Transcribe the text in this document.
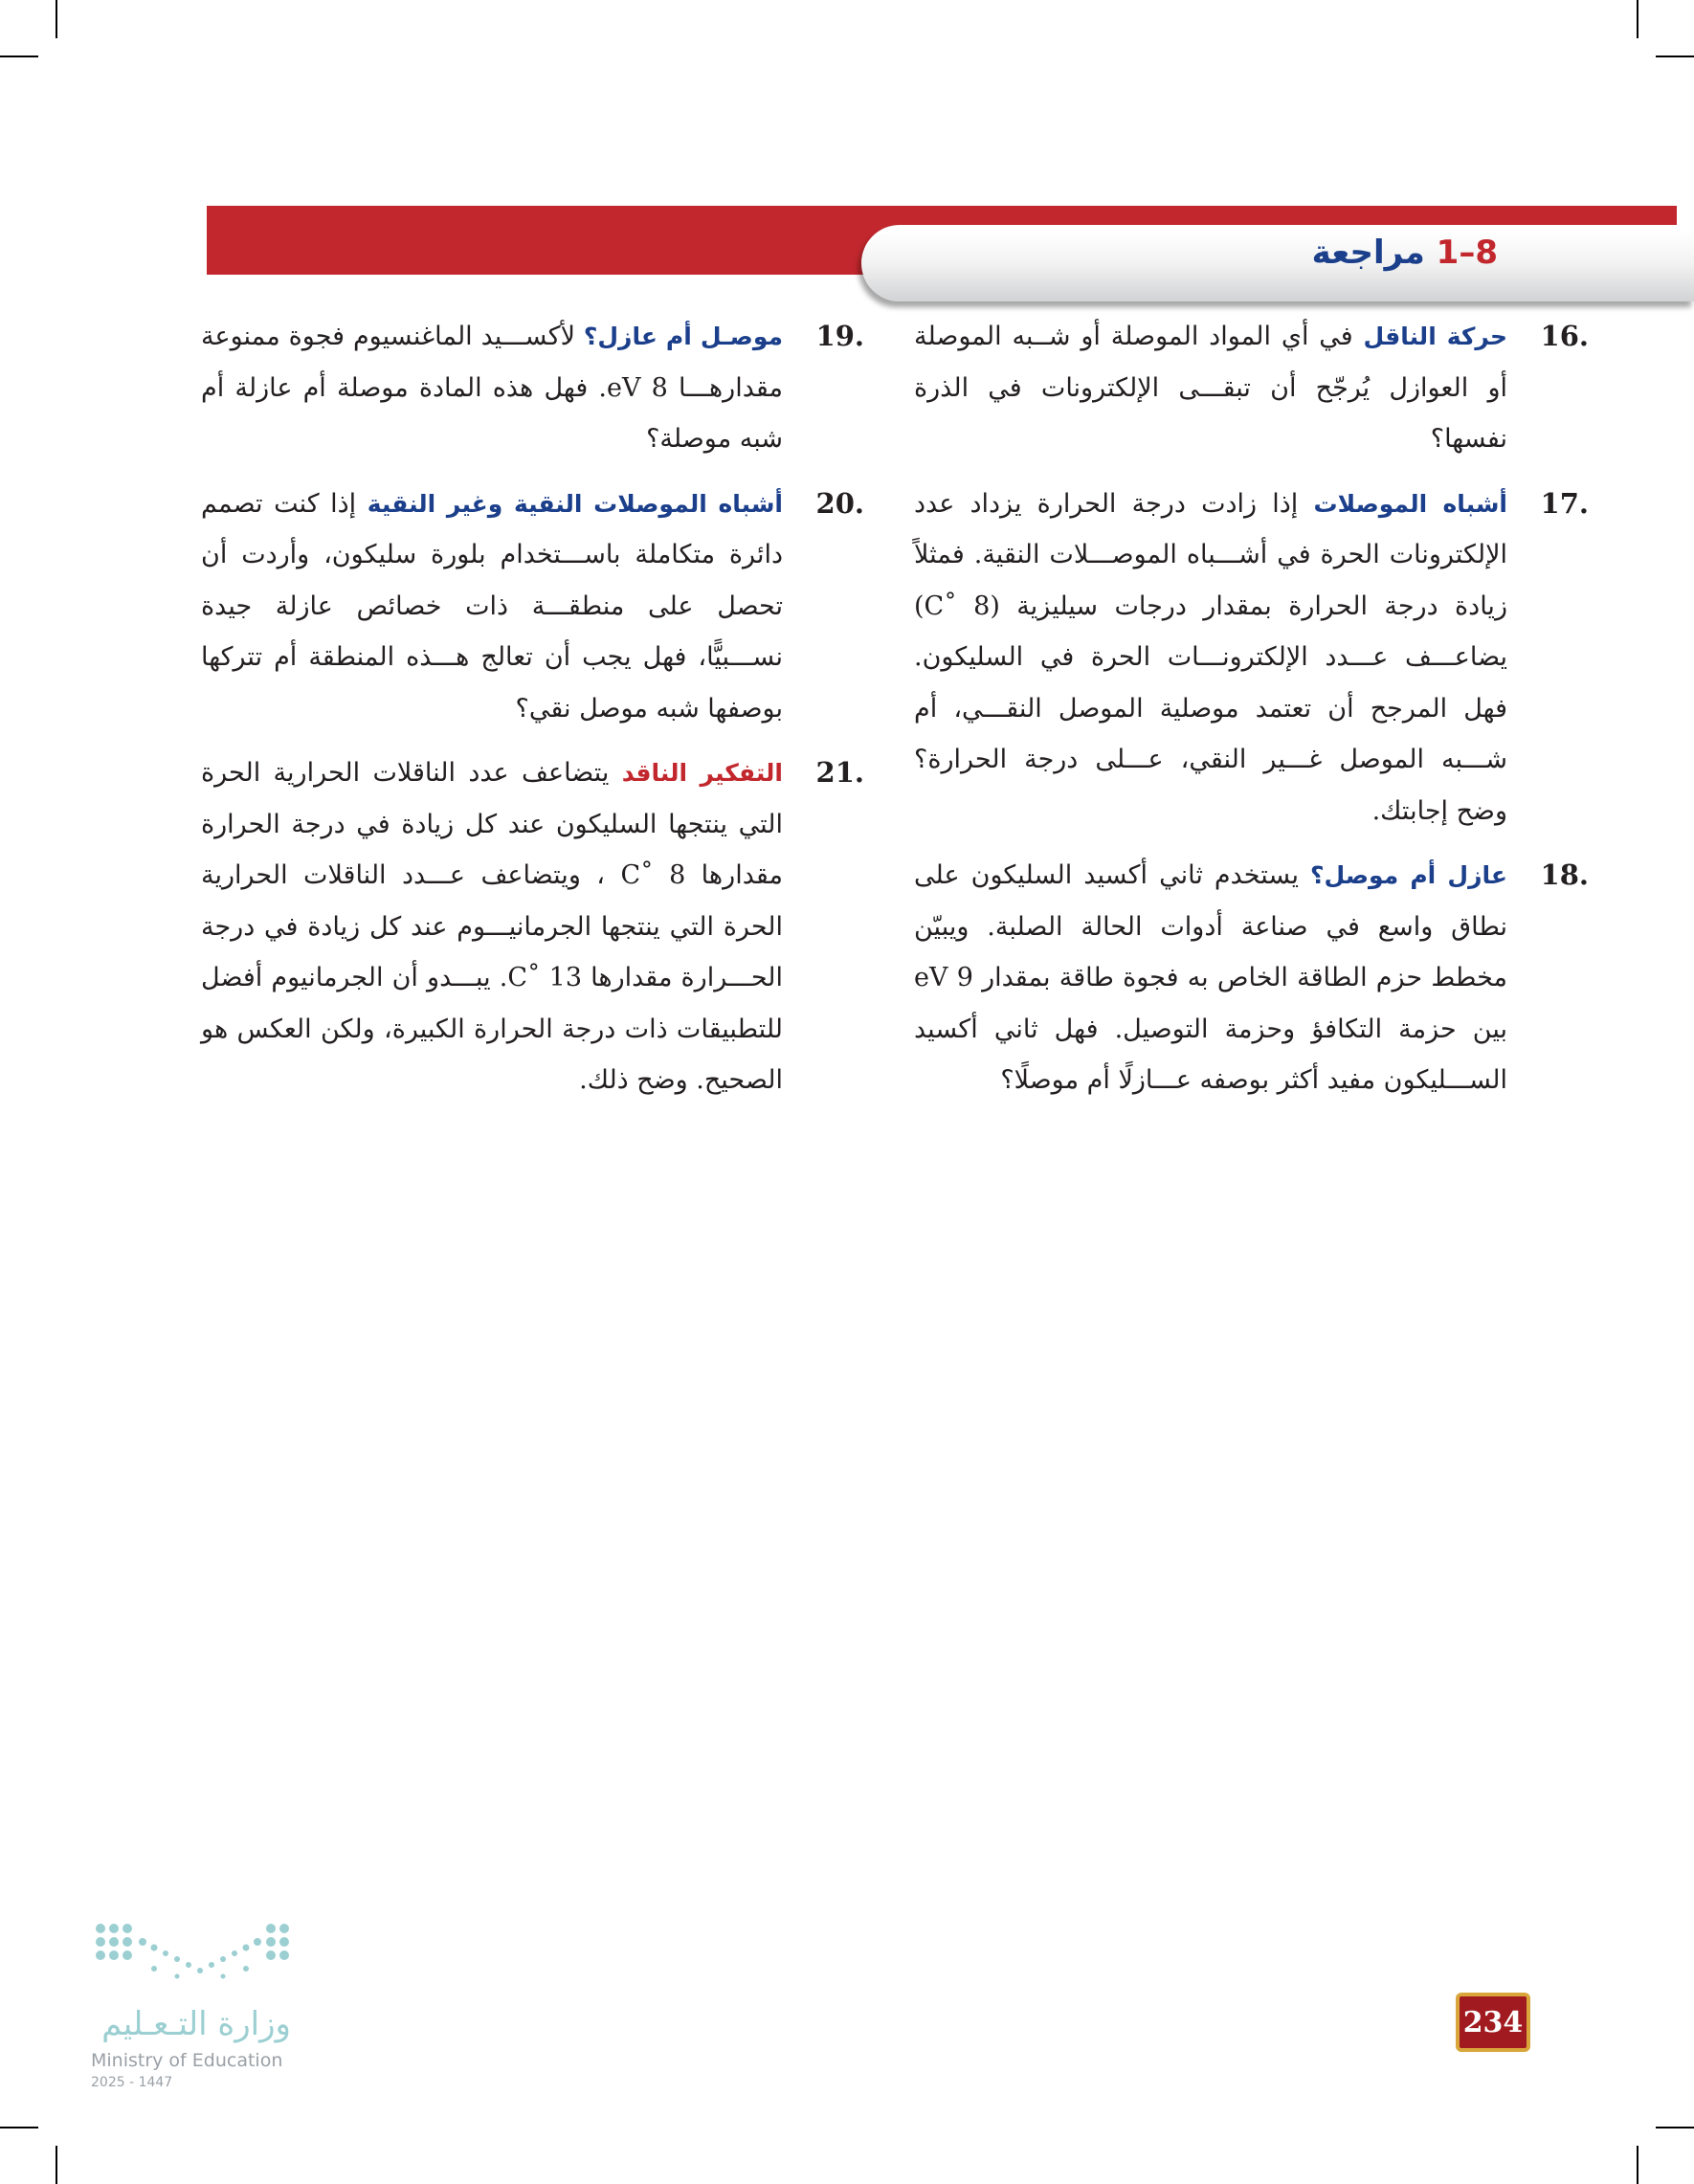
1–8 مراجعة
16.

حركة الناقل في أي المواد الموصلة أو شــبه الموصلة أو العوازل يُرجّح أن تبقـــى الإلكترونات في الذرة نفسها؟

17.

أشباه الموصلات إذا زادت درجة الحرارة يزداد عدد الإلكترونات الحرة في أشـــباه الموصـــلات النقية. فمثلاً زيادة درجة الحرارة بمقدار درجات سيليزية (8 ˚C) يضاعـــف عـــدد الإلكترونـــات الحرة في السليكون. فهل المرجح أن تعتمد موصلية الموصل النقـــي، أم شـــبه الموصل غـــير النقي، عـــلى درجة الحرارة؟ وضح إجابتك.

18.

عازل أم موصل؟ يستخدم ثاني أكسيد السليكون على نطاق واسع في صناعة أدوات الحالة الصلبة. ويبيّن مخطط حزم الطاقة الخاص به فجوة طاقة بمقدار 9 eV بين حزمة التكافؤ وحزمة التوصيل. فهل ثاني أكسيد الســـليكون مفيد أكثر بوصفه عـــازلًا أم موصلًا؟

19.

موصـل أم عازل؟ لأكســـيد الماغنسيوم فجوة ممنوعة مقدارهـــا 8 eV. فهل هذه المادة موصلة أم عازلة أم شبه موصلة؟

20.

أشباه الموصلات النقية وغير النقية إذا كنت تصمم دائرة متكاملة باســـتخدام بلورة سليكون، وأردت أن تحصل على منطقـــة ذات خصائص عازلة جيدة نســـبيًّا، فهل يجب أن تعالج هـــذه المنطقة أم تتركها بوصفها شبه موصل نقي؟

21.

التفكير الناقد يتضاعف عدد الناقلات الحرارية الحرة التي ينتجها السليكون عند كل زيادة في درجة الحرارة مقدارها 8 ˚C ، ويتضاعف عـــدد الناقلات الحرارية الحرة التي ينتجها الجرمانيـــوم عند كل زيادة في درجة الحـــرارة مقدارها 13 ˚C. يبـــدو أن الجرمانيوم أفضل للتطبيقات ذات درجة الحرارة الكبيرة، ولكن العكس هو الصحيح. وضح ذلك.

234
وزارة التـعـليم
Ministry of Education
2025 - 1447
